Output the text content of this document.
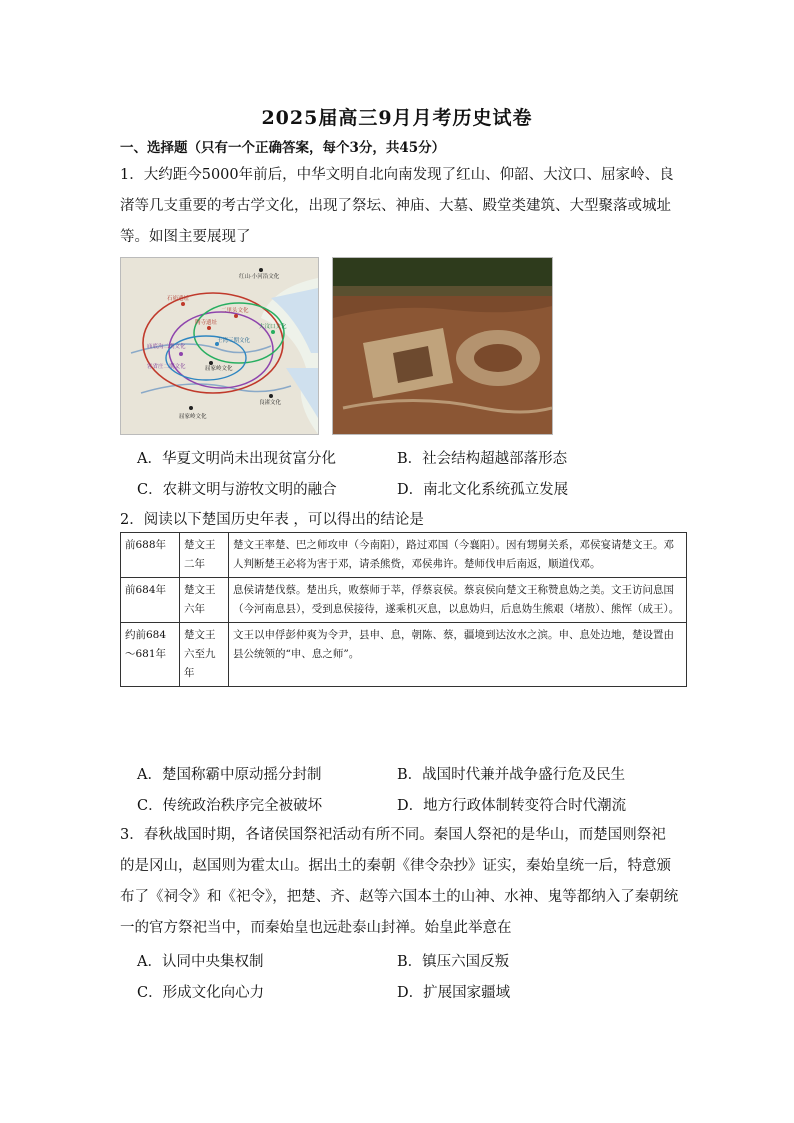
2025届高三9月月考历史试卷
一、选择题（只有一个正确答案，每个3分，共45分）
1．大约距今5000年前后，中华文明自北向南发现了红山、仰韶、大汶口、屈家岭、良渚等几支重要的考古学文化，出现了祭坛、神庙、大墓、殿堂类建筑、大型聚落或城址等。如图主要展现了
红山·小河沿文化
石峁遗址
陶寺遗址
二里头文化
大汶口文化
王湾三期文化
庙底沟二期文化
客省庄二期文化	屈家岭文化
良渚文化
屈家岭文化
A．华夏文明尚未出现贫富分化	B．社会结构超越部落形态
C．农耕文明与游牧文明的融合	D．南北文化系统孤立发展
2．阅读以下楚国历史年表 ，可以得出的结论是
前688年	楚文王二年	楚文王率楚、巴之师攻申（今南阳），路过邓国（今襄阳）。因有甥舅关系，邓侯宴请楚文王。邓人判断楚王必将为害于邓，请杀熊赀，邓侯弗许。楚师伐申后南返，顺道伐邓。
前684年	楚文王六年	息侯请楚伐蔡。楚出兵，败蔡师于莘，俘蔡哀侯。蔡哀侯向楚文王称赞息妫之美。文王访问息国（今河南息县），受到息侯接待，遂乘机灭息，以息妫归，后息妫生熊艰（堵敖）、熊恽（成王）。
约前684～681年	楚文王六至九年	文王以申俘彭仲爽为令尹，县申、息，朝陈、蔡，疆境到达汝水之滨。申、息处边地，楚设置由县公统领的“申、息之师”。
A．楚国称霸中原动摇分封制	B．战国时代兼并战争盛行危及民生
C．传统政治秩序完全被破坏	D．地方行政体制转变符合时代潮流
3．春秋战国时期，各诸侯国祭祀活动有所不同。秦国人祭祀的是华山，而楚国则祭祀的是冈山，赵国则为霍太山。据出土的秦朝《律令杂抄》证实，秦始皇统一后，特意颁布了《祠令》和《祀令》，把楚、齐、赵等六国本土的山神、水神、鬼等都纳入了秦朝统一的官方祭祀当中，而秦始皇也远赴泰山封禅。始皇此举意在
A．认同中央集权制	B．镇压六国反叛
C．形成文化向心力	D．扩展国家疆域
